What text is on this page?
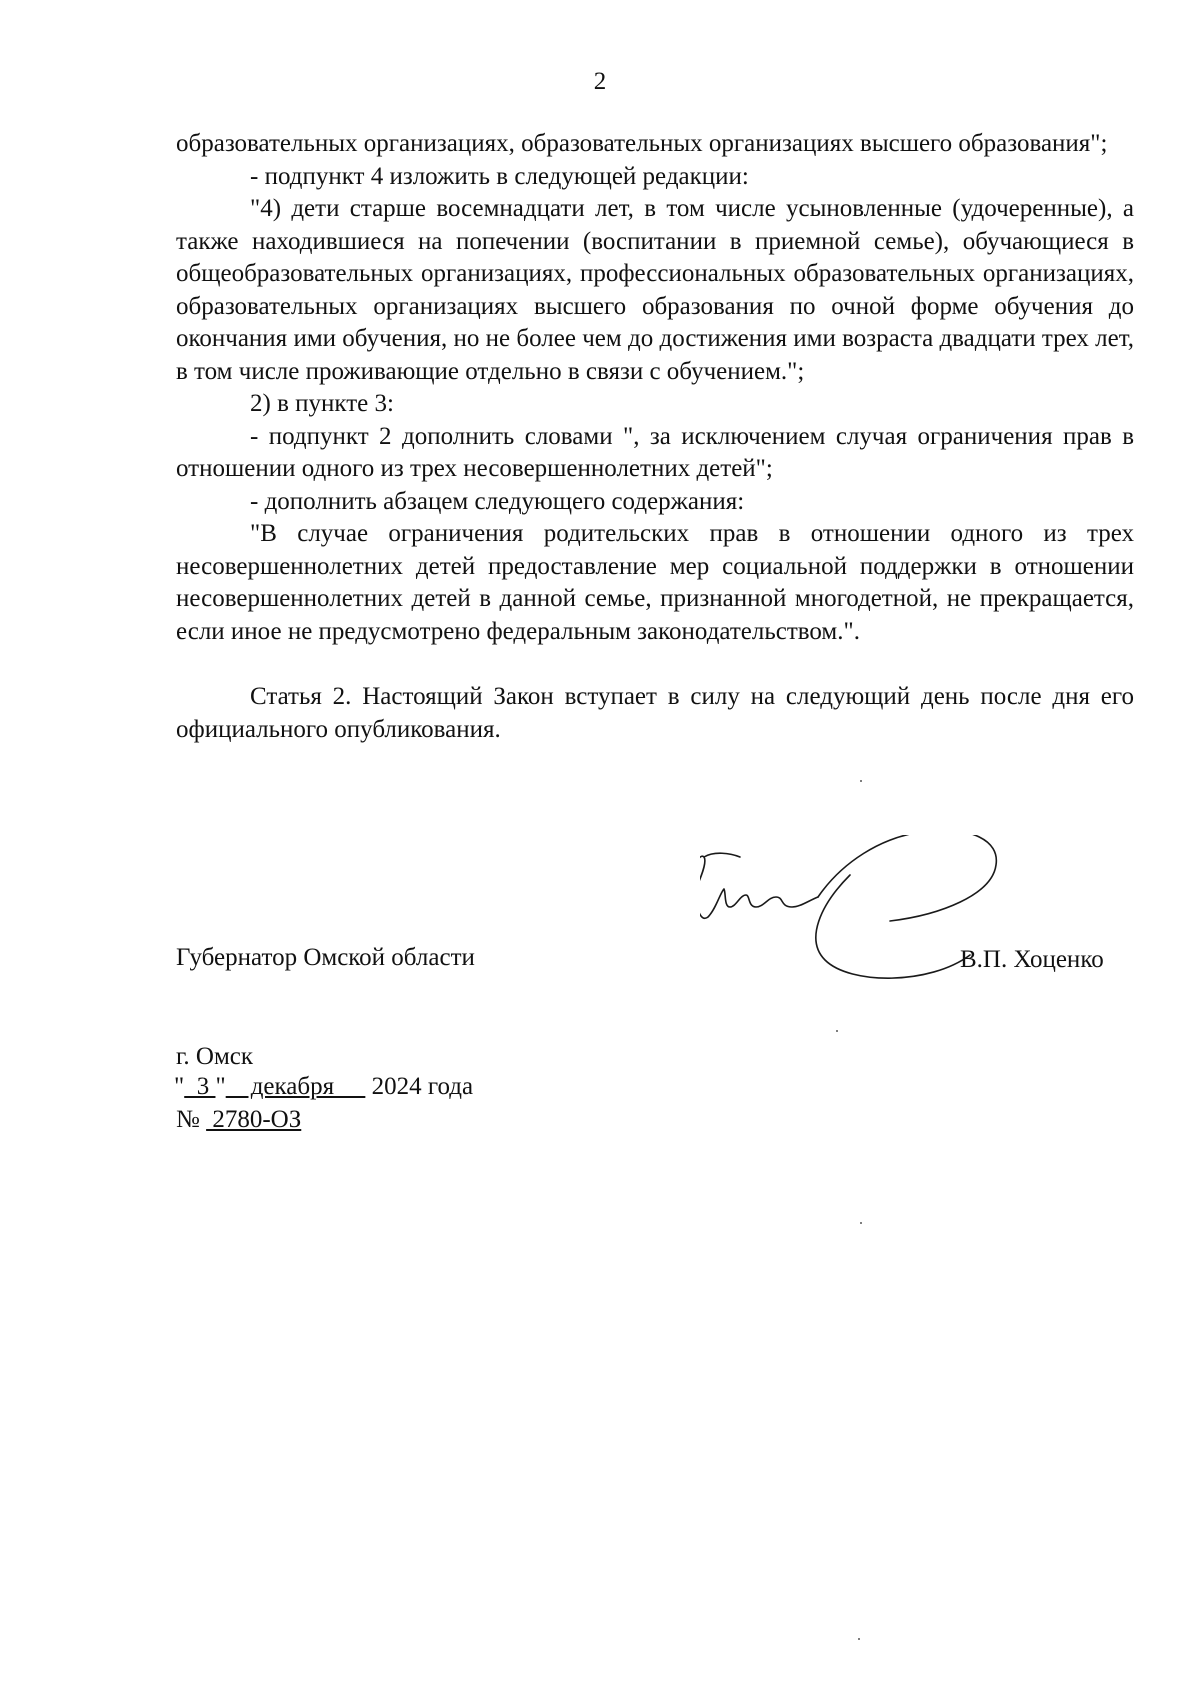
2

образовательных организациях, образовательных организациях высшего образования";

- подпункт 4 изложить в следующей редакции:

"4) дети старше восемнадцати лет, в том числе усыновленные (удочеренные), а также находившиеся на попечении (воспитании в приемной семье), обучающиеся в общеобразовательных организациях, профессиональных образовательных организациях, образовательных организациях высшего образования по очной форме обучения до окончания ими обучения, но не более чем до достижения ими возраста двадцати трех лет, в том числе проживающие отдельно в связи с обучением.";

2) в пункте 3:

- подпункт 2 дополнить словами ", за исключением случая ограничения прав в отношении одного из трех несовершеннолетних детей";

- дополнить абзацем следующего содержания:

"В случае ограничения родительских прав в отношении одного из трех несовершеннолетних детей предоставление мер социальной поддержки в отношении несовершеннолетних детей в данной семье, признанной многодетной, не прекращается, если иное не предусмотрено федеральным законодательством.".

Статья 2. Настоящий Закон вступает в силу на следующий день после дня его официального опубликования.

Губернатор Омской области	В.П. Хоценко
г. Омск
"  3 "    декабря      2024 года
№  2780-ОЗ
